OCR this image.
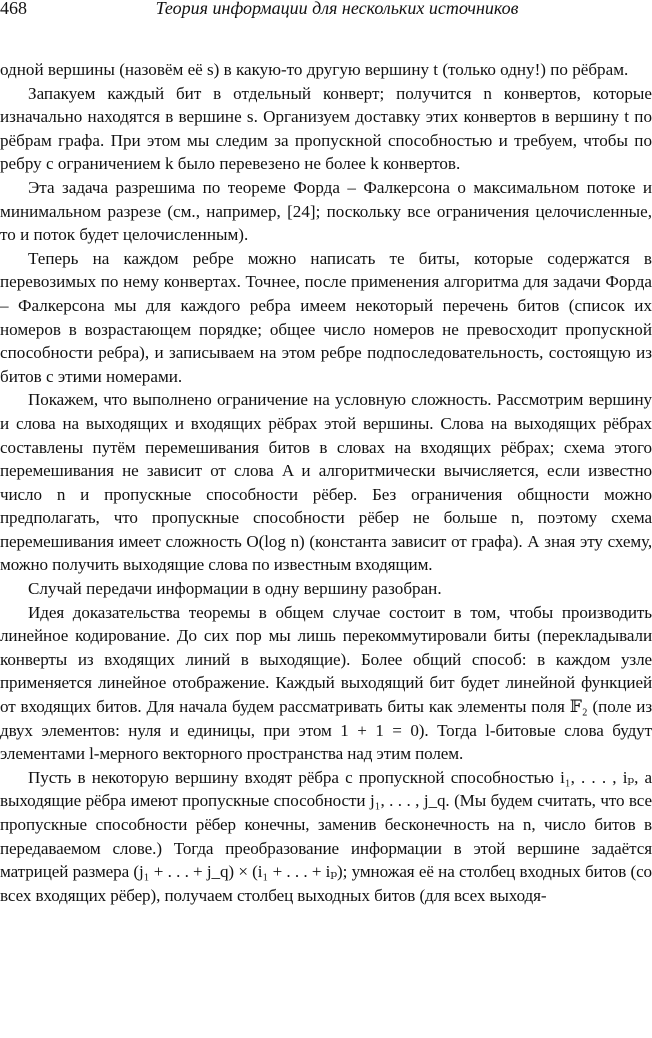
468	Теория информации для нескольких источников

одной вершины (назовём её s) в какую-то другую вершину t (только одну!) по рёбрам.

Запакуем каждый бит в отдельный конверт; получится n конвертов, которые изначально находятся в вершине s. Организуем доставку этих конвертов в вершину t по рёбрам графа. При этом мы следим за пропускной способностью и требуем, чтобы по ребру с ограничением k было перевезено не более k конвертов.

Эта задача разрешима по теореме Форда – Фалкерсона о максимальном потоке и минимальном разрезе (см., например, [24]; поскольку все ограничения целочисленные, то и поток будет целочисленным).

Теперь на каждом ребре можно написать те биты, которые содержатся в перевозимых по нему конвертах. Точнее, после применения алгоритма для задачи Форда – Фалкерсона мы для каждого ребра имеем некоторый перечень битов (список их номеров в возрастающем порядке; общее число номеров не превосходит пропускной способности ребра), и записываем на этом ребре подпоследовательность, состоящую из битов с этими номерами.

Покажем, что выполнено ограничение на условную сложность. Рассмотрим вершину и слова на выходящих и входящих рёбрах этой вершины. Слова на выходящих рёбрах составлены путём перемешивания битов в словах на входящих рёбрах; схема этого перемешивания не зависит от слова A и алгоритмически вычисляется, если известно число n и пропускные способности рёбер. Без ограничения общности можно предполагать, что пропускные способности рёбер не больше n, поэтому схема перемешивания имеет сложность O(log n) (константа зависит от графа). А зная эту схему, можно получить выходящие слова по известным входящим.

Случай передачи информации в одну вершину разобран.

Идея доказательства теоремы в общем случае состоит в том, чтобы производить линейное кодирование. До сих пор мы лишь перекоммутировали биты (перекладывали конверты из входящих линий в выходящие). Более общий способ: в каждом узле применяется линейное отображение. Каждый выходящий бит будет линейной функцией от входящих битов. Для начала будем рассматривать биты как элементы поля 𝔽₂ (поле из двух элементов: нуля и единицы, при этом 1 + 1 = 0). Тогда l-битовые слова будут элементами l-мерного векторного пространства над этим полем.

Пусть в некоторую вершину входят рёбра с пропускной способностью i₁, . . . , iₚ, а выходящие рёбра имеют пропускные способности j₁, . . . , j_q. (Мы будем считать, что все пропускные способности рёбер конечны, заменив бесконечность на n, число битов в передаваемом слове.) Тогда преобразование информации в этой вершине задаётся матрицей размера (j₁ + . . . + j_q) × (i₁ + . . . + iₚ); умножая её на столбец входных битов (со всех входящих рёбер), получаем столбец выходных битов (для всех выходя-
